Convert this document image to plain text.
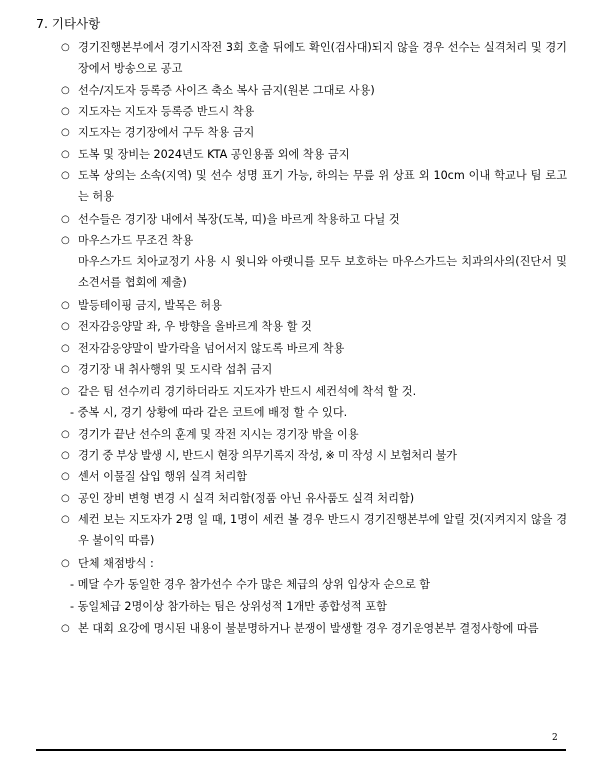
7. 기타사항
○ 경기진행본부에서 경기시작전 3회 호출 뒤에도 확인(검사대)되지 않을 경우 선수는 실격처리 및 경기장에서 방송으로 공고
○ 선수/지도자 등록증 사이즈 축소 복사 금지(원본 그대로 사용)
○ 지도자는 지도자 등록증 반드시 착용
○ 지도자는 경기장에서 구두 착용 금지
○ 도복 및 장비는 2024년도 KTA 공인용품 외에 착용 금지
○ 도복 상의는 소속(지역) 및 선수 성명 표기 가능, 하의는 무릎 위 상표 외 10cm 이내 학교나 팀 로고는 허용
○ 선수들은 경기장 내에서 복장(도복, 띠)을 바르게 착용하고 다닐 것
○ 마우스가드 무조건 착용
마우스가드 치아교정기 사용 시 윗니와 아랫니를 모두 보호하는 마우스가드는 치과의사의(진단서 및 소견서를 협회에 제출)
○ 발등테이핑 금지, 발목은 허용
○ 전자감응양말 좌, 우 방향을 올바르게 착용 할 것
○ 전자감응양말이 발가락을 넘어서지 않도록 바르게 착용
○ 경기장 내 취사행위 및 도시락 섭취 금지
○ 같은 팀 선수끼리 경기하더라도 지도자가 반드시 세컨석에 착석 할 것.
- 중복 시, 경기 상황에 따라 같은 코트에 배정 할 수 있다.
○ 경기가 끝난 선수의 훈계 및 작전 지시는 경기장 밖을 이용
○ 경기 중 부상 발생 시, 반드시 현장 의무기록지 작성, ※ 미 작성 시 보험처리 불가
○ 센서 이물질 삽입 행위 실격 처리함
○ 공인 장비 변형 변경 시 실격 처리함(정품 아닌 유사품도 실격 처리함)
○ 세컨 보는 지도자가 2명 일 때, 1명이 세컨 볼 경우 반드시 경기진행본부에 알릴 것(지켜지지 않을 경우 불이익 따름)
○ 단체 채점방식 :
- 메달 수가 동일한 경우 참가선수 수가 많은 체급의 상위 입상자 순으로 함
- 동일체급 2명이상 참가하는 팀은 상위성적 1개만 종합성적 포함
○ 본 대회 요강에 명시된 내용이 불분명하거나 분쟁이 발생할 경우 경기운영본부 결정사항에 따름
2
